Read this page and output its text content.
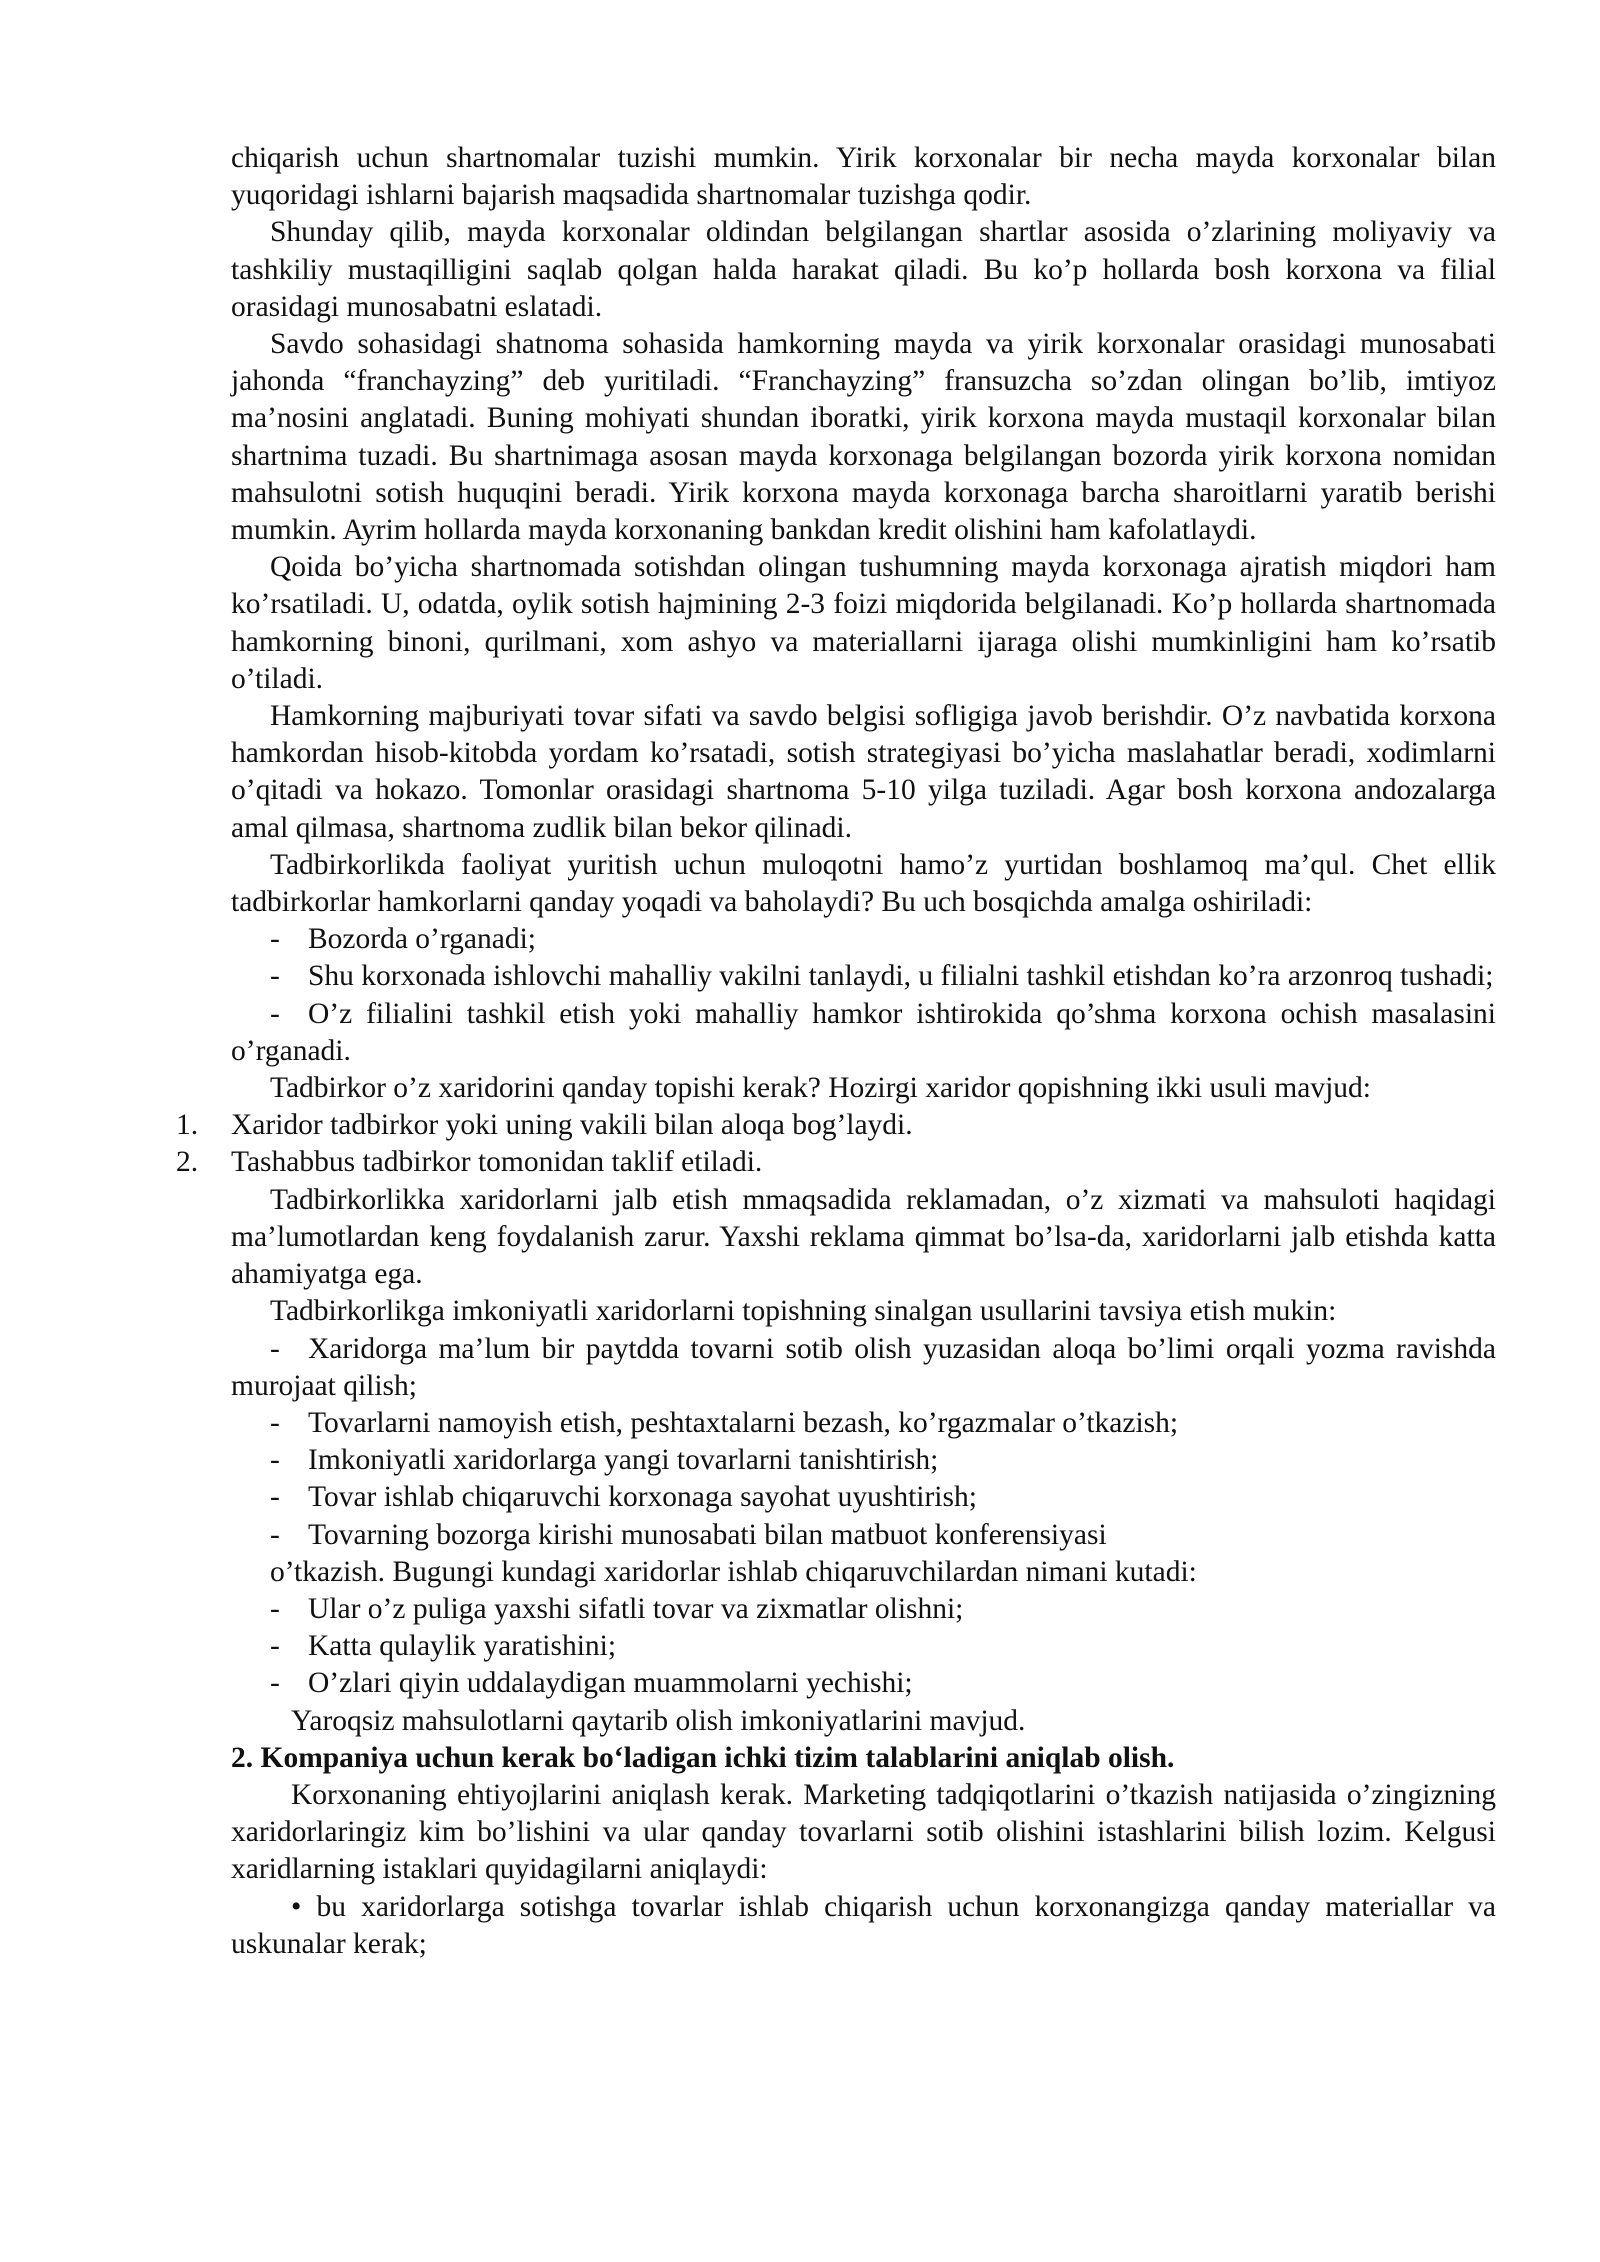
chiqarish uchun shartnomalar tuzishi mumkin. Yirik korxonalar bir necha mayda korxonalar bilan yuqoridagi ishlarni bajarish maqsadida shartnomalar tuzishga qodir.

Shunday qilib, mayda korxonalar oldindan belgilangan shartlar asosida o’zlarining moliyaviy va tashkiliy mustaqilligini saqlab qolgan halda harakat qiladi. Bu ko’p hollarda bosh korxona va filial orasidagi munosabatni eslatadi.

Savdo sohasidagi shatnoma sohasida hamkorning mayda va yirik korxonalar orasidagi munosabati jahonda “franchayzing” deb yuritiladi. “Franchayzing” fransuzcha so’zdan olingan bo’lib, imtiyoz ma’nosini anglatadi. Buning mohiyati shundan iboratki, yirik korxona mayda mustaqil korxonalar bilan shartnima tuzadi. Bu shartnimaga asosan mayda korxonaga belgilangan bozorda yirik korxona nomidan mahsulotni sotish huquqini beradi. Yirik korxona mayda korxonaga barcha sharoitlarni yaratib berishi mumkin. Ayrim hollarda mayda korxonaning bankdan kredit olishini ham kafolatlaydi.

Qoida bo’yicha shartnomada sotishdan olingan tushumning mayda korxonaga ajratish miqdori ham ko’rsatiladi. U, odatda, oylik sotish hajmining 2-3 foizi miqdorida belgilanadi. Ko’p hollarda shartnomada hamkorning binoni, qurilmani, xom ashyo va materiallarni ijaraga olishi mumkinligini ham ko’rsatib o’tiladi.

Hamkorning majburiyati tovar sifati va savdo belgisi sofligiga javob berishdir. O’z navbatida korxona hamkordan hisob-kitobda yordam ko’rsatadi, sotish strategiyasi bo’yicha maslahatlar beradi, xodimlarni o’qitadi va hokazo. Tomonlar orasidagi shartnoma 5-10 yilga tuziladi. Agar bosh korxona andozalarga amal qilmasa, shartnoma zudlik bilan bekor qilinadi.

Tadbirkorlikda faoliyat yuritish uchun muloqotni hamo’z yurtidan boshlamoq ma’qul. Chet ellik tadbirkorlar hamkorlarni qanday yoqadi va baholaydi? Bu uch bosqichda amalga oshiriladi:

- Bozorda o’rganadi;

- Shu korxonada ishlovchi mahalliy vakilni tanlaydi, u filialni tashkil etishdan ko’ra arzonroq tushadi;

- O’z filialini tashkil etish yoki mahalliy hamkor ishtirokida qo’shma korxona ochish masalasini o’rganadi.

Tadbirkor o’z xaridorini qanday topishi kerak? Hozirgi xaridor qopishning ikki usuli mavjud:

1. Xaridor tadbirkor yoki uning vakili bilan aloqa bog’laydi.

2. Tashabbus tadbirkor tomonidan taklif etiladi.

Tadbirkorlikka xaridorlarni jalb etish mmaqsadida reklamadan, o’z xizmati va mahsuloti haqidagi ma’lumotlardan keng foydalanish zarur. Yaxshi reklama qimmat bo’lsa-da, xaridorlarni jalb etishda katta ahamiyatga ega.

Tadbirkorlikga imkoniyatli xaridorlarni topishning sinalgan usullarini tavsiya etish mukin:

- Xaridorga ma’lum bir paytdda tovarni sotib olish yuzasidan aloqa bo’limi orqali yozma ravishda murojaat qilish;

- Tovarlarni namoyish etish, peshtaxtalarni bezash, ko’rgazmalar o’tkazish;

- Imkoniyatli xaridorlarga yangi tovarlarni tanishtirish;

- Tovar ishlab chiqaruvchi korxonaga sayohat uyushtirish;

- Tovarning bozorga kirishi munosabati bilan matbuot konferensiyasi

o’tkazish. Bugungi kundagi xaridorlar ishlab chiqaruvchilardan nimani kutadi:

- Ular o’z puliga yaxshi sifatli tovar va zixmatlar olishni;

- Katta qulaylik yaratishini;

- O’zlari qiyin uddalaydigan muammolarni yechishi;

Yaroqsiz mahsulotlarni qaytarib olish imkoniyatlarini mavjud.

2. Kompaniya uchun kerak bo‘ladigan ichki tizim talablarini aniqlab olish.

Korxonaning ehtiyojlarini aniqlash kerak. Marketing tadqiqotlarini o’tkazish natijasida o’zingizning xaridorlaringiz kim bo’lishini va ular qanday tovarlarni sotib olishini istashlarini bilish lozim. Kelgusi xaridlarning istaklari quyidagilarni aniqlaydi:

• bu xaridorlarga sotishga tovarlar ishlab chiqarish uchun korxonangizga qanday materiallar va uskunalar kerak;
